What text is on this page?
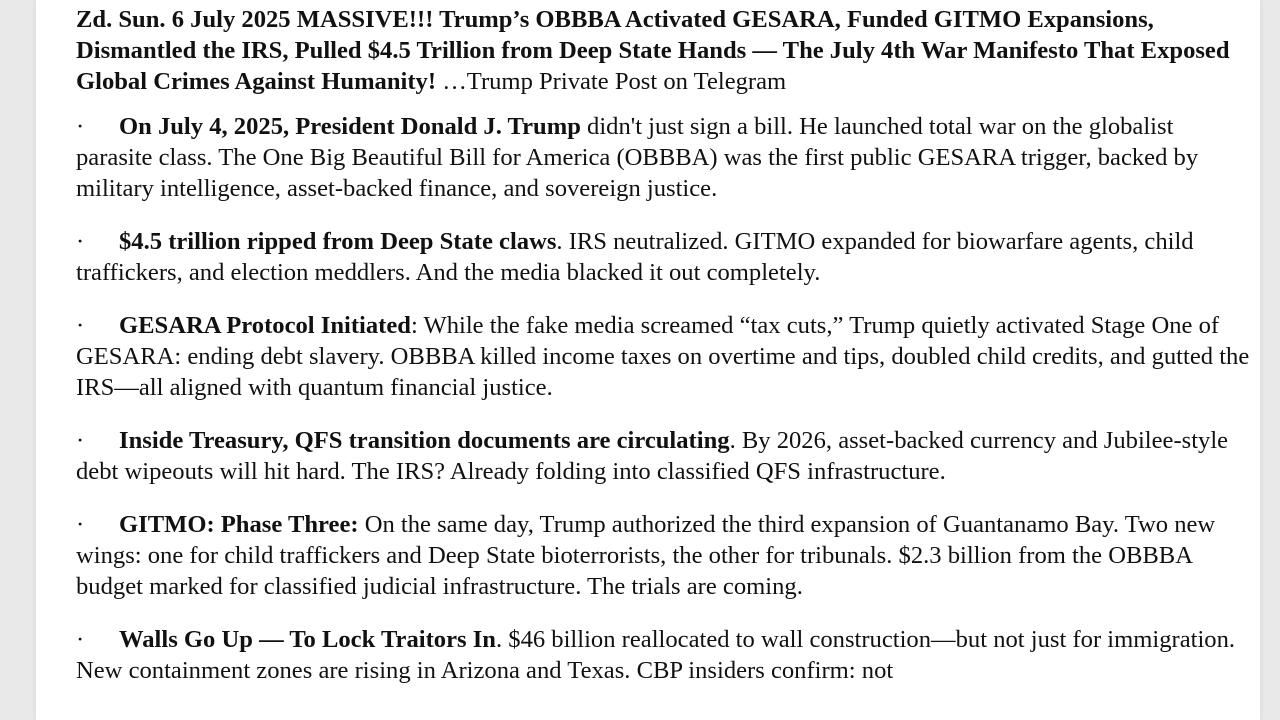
Zd. Sun. 6 July 2025 MASSIVE!!! Trump’s OBBBA Activated GESARA, Funded GITMO Expansions, Dismantled the IRS, Pulled $4.5 Trillion from Deep State Hands — The July 4th War Manifesto That Exposed Global Crimes Against Humanity! …Trump Private Post on Telegram

· On July 4, 2025, President Donald J. Trump didn't just sign a bill. He launched total war on the globalist parasite class. The One Big Beautiful Bill for America (OBBBA) was the first public GESARA trigger, backed by military intelligence, asset-backed finance, and sovereign justice.

· $4.5 trillion ripped from Deep State claws. IRS neutralized. GITMO expanded for biowarfare agents, child traffickers, and election meddlers. And the media blacked it out completely.

· GESARA Protocol Initiated: While the fake media screamed “tax cuts,” Trump quietly activated Stage One of GESARA: ending debt slavery. OBBBA killed income taxes on overtime and tips, doubled child credits, and gutted the IRS—all aligned with quantum financial justice.

· Inside Treasury, QFS transition documents are circulating. By 2026, asset-backed currency and Jubilee-style debt wipeouts will hit hard. The IRS? Already folding into classified QFS infrastructure.

· GITMO: Phase Three: On the same day, Trump authorized the third expansion of Guantanamo Bay. Two new wings: one for child traffickers and Deep State bioterrorists, the other for tribunals. $2.3 billion from the OBBBA budget marked for classified judicial infrastructure. The trials are coming.

· Walls Go Up — To Lock Traitors In. $46 billion reallocated to wall construction—but not just for immigration. New containment zones are rising in Arizona and Texas. CBP insiders confirm: not
